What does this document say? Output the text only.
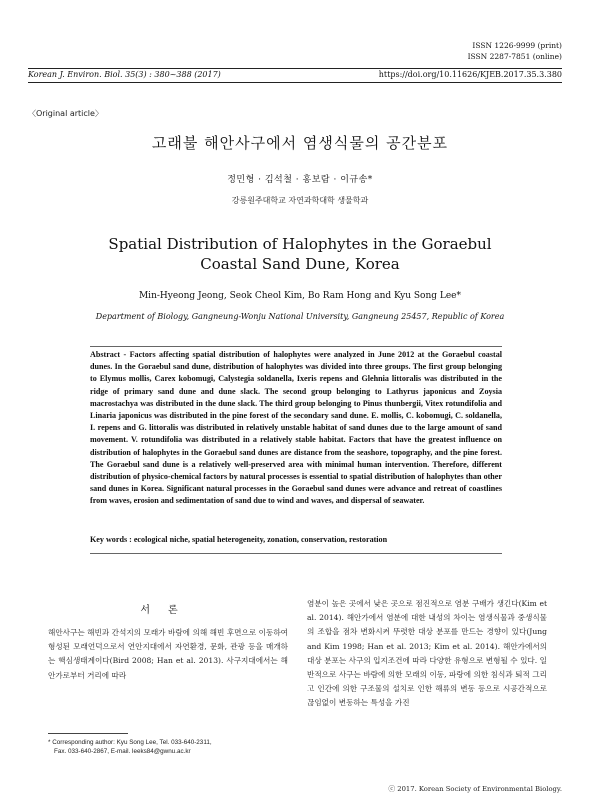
ISSN 1226-9999 (print)
ISSN 2287-7851 (online)
Korean J. Environ. Biol. 35(3) : 380~388 (2017)	https://doi.org/10.11626/KJEB.2017.35.3.380
〈Original article〉
고래불 해안사구에서 염생식물의 공간분포
정민형 · 김석철 · 홍보람 · 이규송*
강릉원주대학교 자연과학대학 생물학과
Spatial Distribution of Halophytes in the Goraebul
Coastal Sand Dune, Korea
Min-Hyeong Jeong, Seok Cheol Kim, Bo Ram Hong and Kyu Song Lee*
Department of Biology, Gangneung-Wonju National University, Gangneung 25457, Republic of Korea
Abstract - Factors affecting spatial distribution of halophytes were analyzed in June 2012 at the Goraebul coastal dunes. In the Goraebul sand dune, distribution of halophytes was divided into three groups. The first group belonging to Elymus mollis, Carex kobomugi, Calystegia soldanella, Ixeris repens and Glehnia littoralis was distributed in the ridge of primary sand dune and dune slack. The second group belonging to Lathyrus japonicus and Zoysia macrostachya was distributed in the dune slack. The third group belonging to Pinus thunbergii, Vitex rotundifolia and Linaria japonicus was distributed in the pine forest of the secondary sand dune. E. mollis, C. kobomugi, C. soldanella, I. repens and G. littoralis was distributed in relatively unstable habitat of sand dunes due to the large amount of sand movement. V. rotundifolia was distributed in a relatively stable habitat. Factors that have the greatest influence on distribution of halophytes in the Goraebul sand dunes are distance from the seashore, topography, and the pine forest. The Goraebul sand dune is a relatively well-preserved area with minimal human intervention. Therefore, different distribution of physico-chemical factors by natural processes is essential to spatial distribution of halophytes than other sand dunes in Korea. Significant natural processes in the Goraebul sand dunes were advance and retreat of coastlines from waves, erosion and sedimentation of sand due to wind and waves, and dispersal of seawater.
Key words : ecological niche, spatial heterogeneity, zonation, conservation, restoration
서론
해안사구는 해빈과 간석지의 모래가 바람에 의해 해빈 후면으로 이동하여 형성된 모래언덕으로서 연안지대에서 자연환경, 문화, 관광 등을 매개하는 핵심생태계이다(Bird 2008; Han et al. 2013). 사구지대에서는 해안가로부터 거리에 따라
염분이 높은 곳에서 낮은 곳으로 점진적으로 염분 구배가 생긴다(Kim et al. 2014). 해안가에서 염분에 대한 내성의 차이는 염생식물과 중생식물의 조합을 점차 변화시켜 뚜렷한 대상 분포를 만드는 경향이 있다(Jung and Kim 1998; Han et al. 2013; Kim et al. 2014). 해안가에서의 대상 분포는 사구의 입지조건에 따라 다양한 유형으로 변형될 수 있다. 일반적으로 사구는 바람에 의한 모래의 이동, 파랑에 의한 침식과 퇴적 그리고 인간에 의한 구조물의 설치로 인한 해류의 변동 등으로 시공간적으로 끊임없이 변동하는 특성을 가진
* Corresponding author: Kyu Song Lee, Tel. 033-640-2311,
Fax. 033-640-2867, E-mail. leeks84@gwnu.ac.kr
ⓒ 2017. Korean Society of Environmental Biology.
